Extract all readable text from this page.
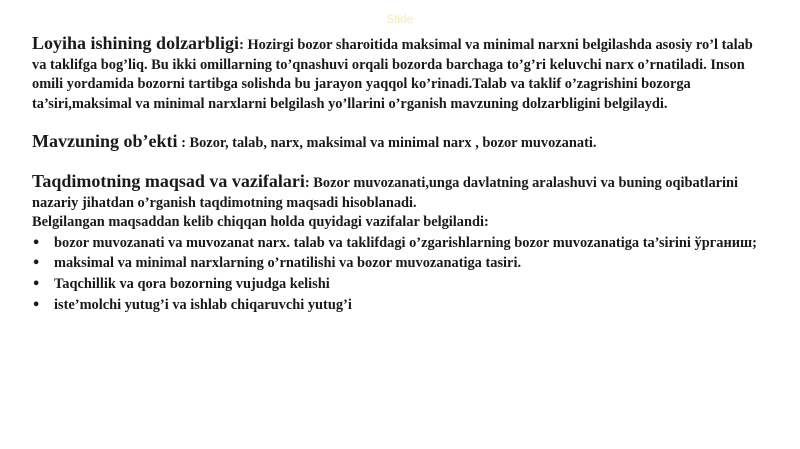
Slide

Loyiha ishining dolzarbligi: Hozirgi bozor sharoitida maksimal va minimal narxni belgilashda asosiy ro’l talab va taklifga bog’liq. Bu ikki omillarning to’qnashuvi orqali bozorda barchaga to’g’ri keluvchi narx o’rnatiladi. Inson omili yordamida bozorni tartibga solishda bu jarayon yaqqol ko’rinadi.Talab va taklif o’zagrishini bozorga ta’siri,maksimal va minimal narxlarni belgilash yo’llarini o’rganish mavzuning dolzarbligini belgilaydi.

Mavzuning ob’ekti : Bozor, talab, narx, maksimal va minimal narx , bozor muvozanati.

Taqdimotning maqsad va vazifalari: Bozor muvozanati,unga davlatning aralashuvi va buning oqibatlarini nazariy jihatdan o’rganish taqdimotning maqsadi hisoblanadi.

Belgilangan maqsaddan kelib chiqqan holda quyidagi vazifalar belgilandi:

• bozor muvozanati va muvozanat narx. talab va taklifdagi o’zgarishlarning bozor muvozanatiga ta’sirini ўрганиш;
• maksimal va minimal narxlarning o’rnatilishi va bozor muvozanatiga tasiri.
• Taqchillik va qora bozorning vujudga kelishi
• iste’molchi yutug’i va ishlab chiqaruvchi yutug’i
